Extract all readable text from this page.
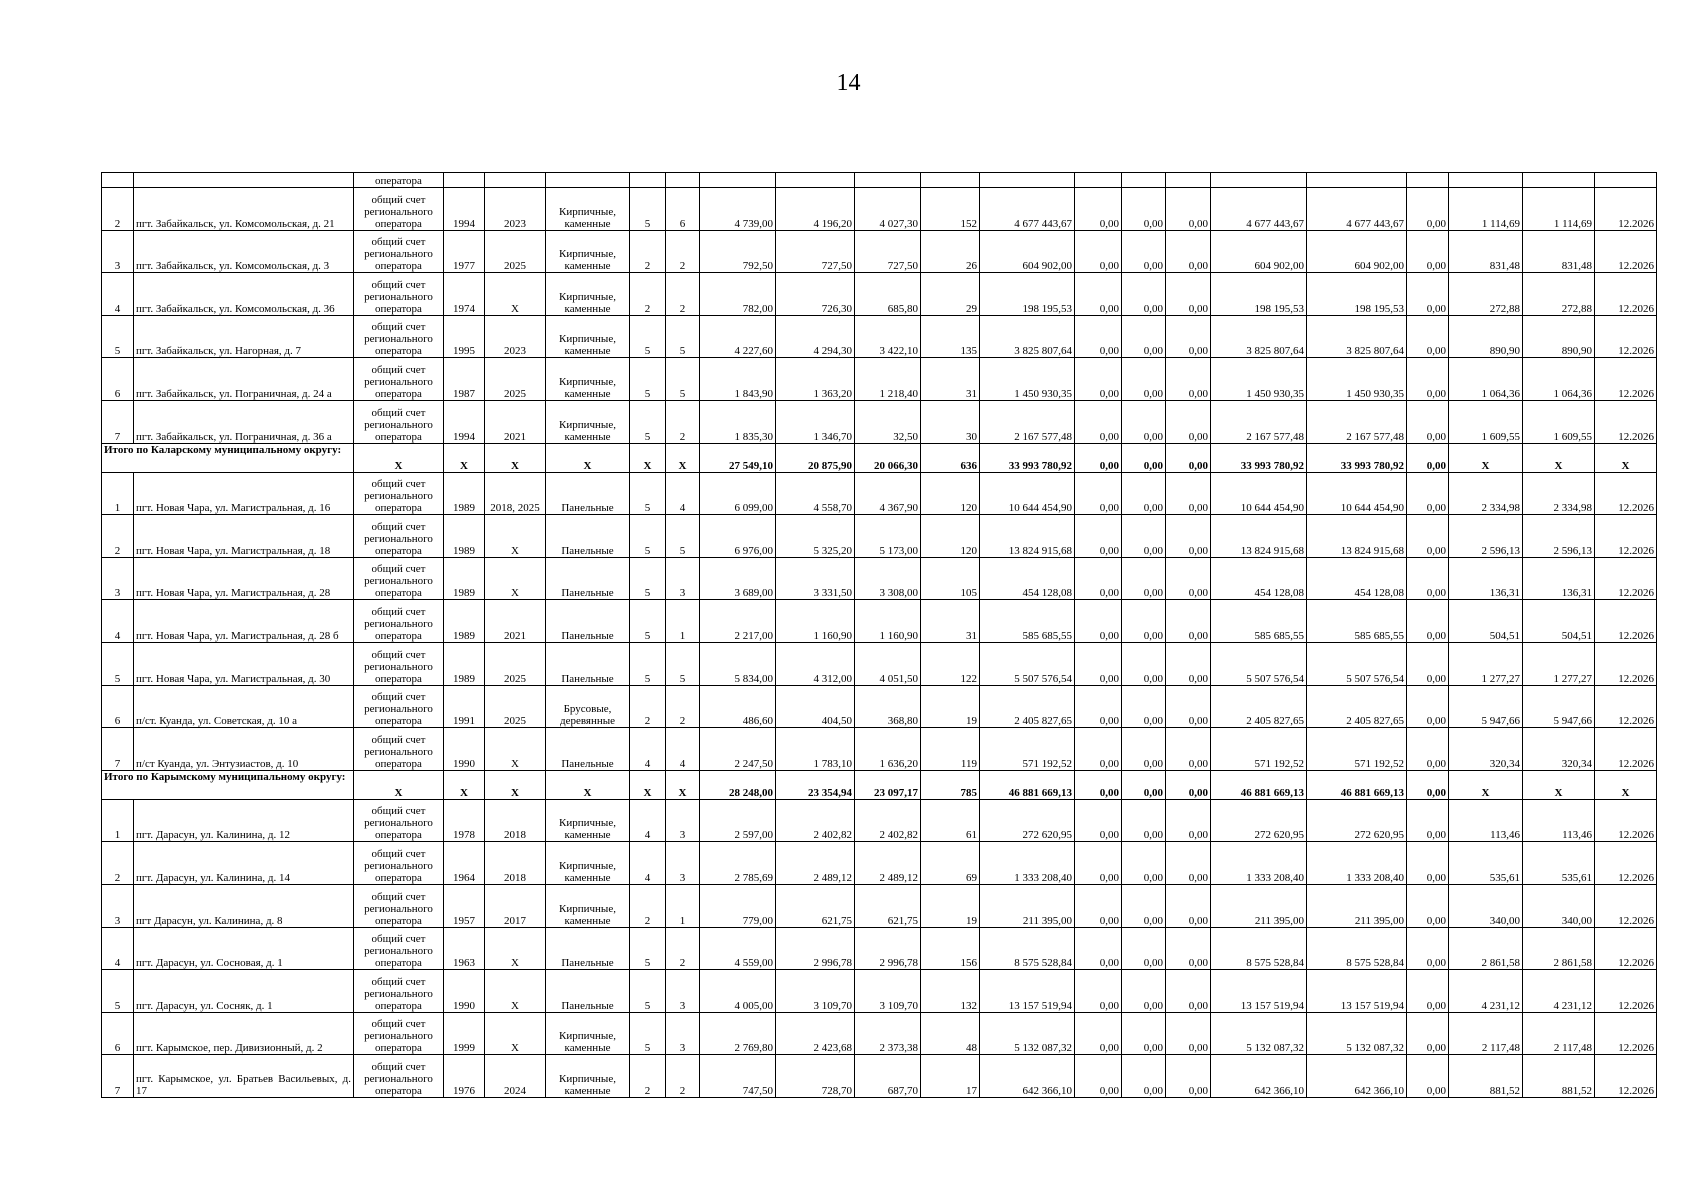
14
		оператора																			
2	пгт. Забайкальск, ул. Комсомольская, д. 21	общий счет регионального оператора	1994	2023	Кирпичные, каменные	5	6	4 739,00	4 196,20	4 027,30	152	4 677 443,67	0,00	0,00	0,00	4 677 443,67	4 677 443,67	0,00	1 114,69	1 114,69	12.2026
3	пгт. Забайкальск, ул. Комсомольская, д. 3	общий счет регионального оператора	1977	2025	Кирпичные, каменные	2	2	792,50	727,50	727,50	26	604 902,00	0,00	0,00	0,00	604 902,00	604 902,00	0,00	831,48	831,48	12.2026
4	пгт. Забайкальск, ул. Комсомольская, д. 36	общий счет регионального оператора	1974	Х	Кирпичные, каменные	2	2	782,00	726,30	685,80	29	198 195,53	0,00	0,00	0,00	198 195,53	198 195,53	0,00	272,88	272,88	12.2026
5	пгт. Забайкальск, ул. Нагорная, д. 7	общий счет регионального оператора	1995	2023	Кирпичные, каменные	5	5	4 227,60	4 294,30	3 422,10	135	3 825 807,64	0,00	0,00	0,00	3 825 807,64	3 825 807,64	0,00	890,90	890,90	12.2026
6	пгт. Забайкальск, ул. Пограничная, д. 24 а	общий счет регионального оператора	1987	2025	Кирпичные, каменные	5	5	1 843,90	1 363,20	1 218,40	31	1 450 930,35	0,00	0,00	0,00	1 450 930,35	1 450 930,35	0,00	1 064,36	1 064,36	12.2026
7	пгт. Забайкальск, ул. Пограничная, д. 36 а	общий счет регионального оператора	1994	2021	Кирпичные, каменные	5	2	1 835,30	1 346,70	32,50	30	2 167 577,48	0,00	0,00	0,00	2 167 577,48	2 167 577,48	0,00	1 609,55	1 609,55	12.2026
Итого по Каларскому муниципальному округу:		Х	Х	Х	Х	Х	Х	27 549,10	20 875,90	20 066,30	636	33 993 780,92	0,00	0,00	0,00	33 993 780,92	33 993 780,92	0,00	Х	Х	Х
1	пгт. Новая Чара, ул. Магистральная, д. 16	общий счет регионального оператора	1989	2018, 2025	Панельные	5	4	6 099,00	4 558,70	4 367,90	120	10 644 454,90	0,00	0,00	0,00	10 644 454,90	10 644 454,90	0,00	2 334,98	2 334,98	12.2026
2	пгт. Новая Чара, ул. Магистральная, д. 18	общий счет регионального оператора	1989	Х	Панельные	5	5	6 976,00	5 325,20	5 173,00	120	13 824 915,68	0,00	0,00	0,00	13 824 915,68	13 824 915,68	0,00	2 596,13	2 596,13	12.2026
3	пгт. Новая Чара, ул. Магистральная, д. 28	общий счет регионального оператора	1989	Х	Панельные	5	3	3 689,00	3 331,50	3 308,00	105	454 128,08	0,00	0,00	0,00	454 128,08	454 128,08	0,00	136,31	136,31	12.2026
4	пгт. Новая Чара, ул. Магистральная, д. 28 б	общий счет регионального оператора	1989	2021	Панельные	5	1	2 217,00	1 160,90	1 160,90	31	585 685,55	0,00	0,00	0,00	585 685,55	585 685,55	0,00	504,51	504,51	12.2026
5	пгт. Новая Чара, ул. Магистральная, д. 30	общий счет регионального оператора	1989	2025	Панельные	5	5	5 834,00	4 312,00	4 051,50	122	5 507 576,54	0,00	0,00	0,00	5 507 576,54	5 507 576,54	0,00	1 277,27	1 277,27	12.2026
6	п/ст. Куанда, ул. Советская, д. 10 а	общий счет регионального оператора	1991	2025	Брусовые, деревянные	2	2	486,60	404,50	368,80	19	2 405 827,65	0,00	0,00	0,00	2 405 827,65	2 405 827,65	0,00	5 947,66	5 947,66	12.2026
7	п/ст Куанда, ул. Энтузиастов, д. 10	общий счет регионального оператора	1990	Х	Панельные	4	4	2 247,50	1 783,10	1 636,20	119	571 192,52	0,00	0,00	0,00	571 192,52	571 192,52	0,00	320,34	320,34	12.2026
Итого по Карымскому муниципальному округу:		Х	Х	Х	Х	Х	Х	28 248,00	23 354,94	23 097,17	785	46 881 669,13	0,00	0,00	0,00	46 881 669,13	46 881 669,13	0,00	Х	Х	Х
1	пгт. Дарасун, ул. Калинина, д. 12	общий счет регионального оператора	1978	2018	Кирпичные, каменные	4	3	2 597,00	2 402,82	2 402,82	61	272 620,95	0,00	0,00	0,00	272 620,95	272 620,95	0,00	113,46	113,46	12.2026
2	пгт. Дарасун, ул. Калинина, д. 14	общий счет регионального оператора	1964	2018	Кирпичные, каменные	4	3	2 785,69	2 489,12	2 489,12	69	1 333 208,40	0,00	0,00	0,00	1 333 208,40	1 333 208,40	0,00	535,61	535,61	12.2026
3	пгт Дарасун, ул. Калинина, д. 8	общий счет регионального оператора	1957	2017	Кирпичные, каменные	2	1	779,00	621,75	621,75	19	211 395,00	0,00	0,00	0,00	211 395,00	211 395,00	0,00	340,00	340,00	12.2026
4	пгт. Дарасун, ул. Сосновая, д. 1	общий счет регионального оператора	1963	Х	Панельные	5	2	4 559,00	2 996,78	2 996,78	156	8 575 528,84	0,00	0,00	0,00	8 575 528,84	8 575 528,84	0,00	2 861,58	2 861,58	12.2026
5	пгт. Дарасун, ул. Сосняк, д. 1	общий счет регионального оператора	1990	Х	Панельные	5	3	4 005,00	3 109,70	3 109,70	132	13 157 519,94	0,00	0,00	0,00	13 157 519,94	13 157 519,94	0,00	4 231,12	4 231,12	12.2026
6	пгт. Карымское, пер. Дивизионный, д. 2	общий счет регионального оператора	1999	Х	Кирпичные, каменные	5	3	2 769,80	2 423,68	2 373,38	48	5 132 087,32	0,00	0,00	0,00	5 132 087,32	5 132 087,32	0,00	2 117,48	2 117,48	12.2026
7	пгт. Карымское, ул. Братьев Васильевых, д. 17	общий счет регионального оператора	1976	2024	Кирпичные, каменные	2	2	747,50	728,70	687,70	17	642 366,10	0,00	0,00	0,00	642 366,10	642 366,10	0,00	881,52	881,52	12.2026
